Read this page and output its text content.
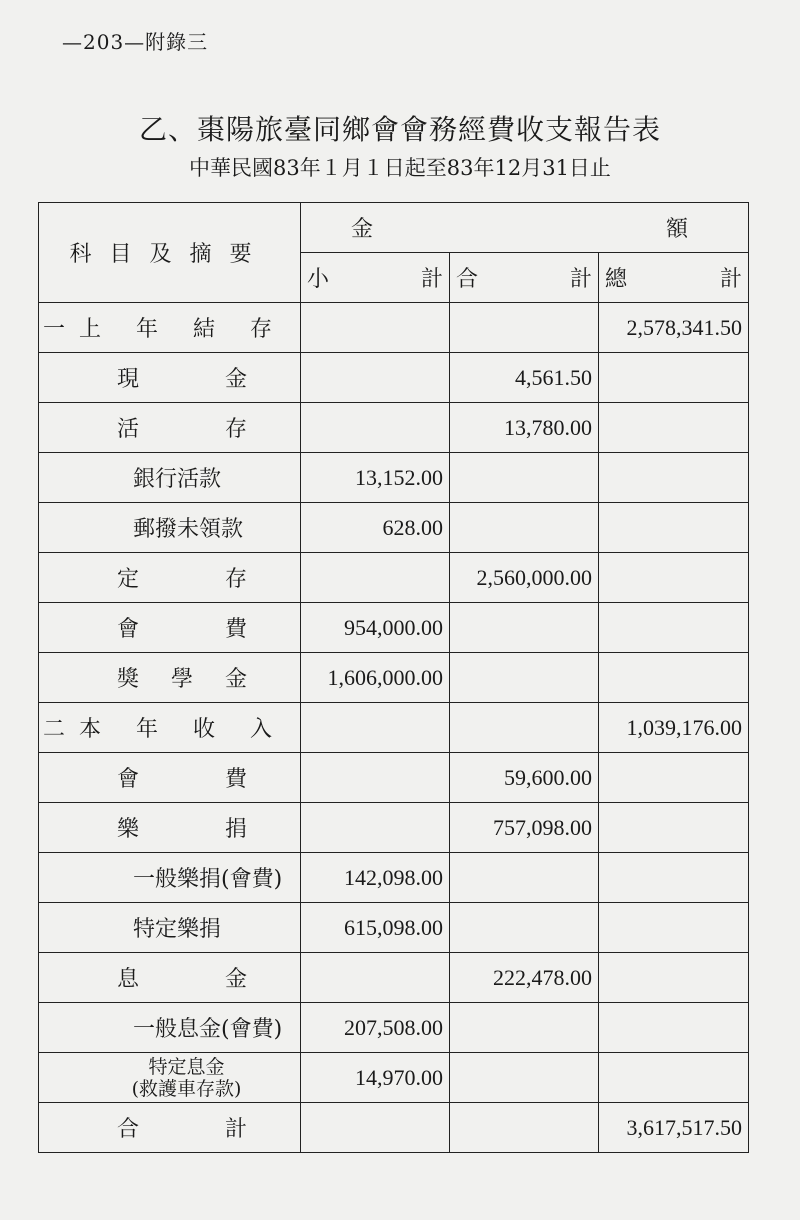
—203—附錄三
乙、棗陽旅臺同鄉會會務經費收支報告表
中華民國83年１月１日起至83年12月31日止
科目及摘要	金 額		

	小 計	合 計	總 計

一上 年 結 存			2,578,341.50

現 金		4,561.50	

活 存		13,780.00	
銀行活款	13,152.00		
郵撥未領款	628.00		

定 存		2,560,000.00	

會 費	954,000.00		

獎 學 金	1,606,000.00		
二本 年 收 入			1,039,176.00

會 費		59,600.00	

樂 捐		757,098.00	
一般樂捐(會費)	142,098.00		
特定樂捐	615,098.00		

息 金		222,478.00	
一般息金(會費)	207,508.00		

特定息金
(救護車存款)	14,970.00		

合 計			3,617,517.50
